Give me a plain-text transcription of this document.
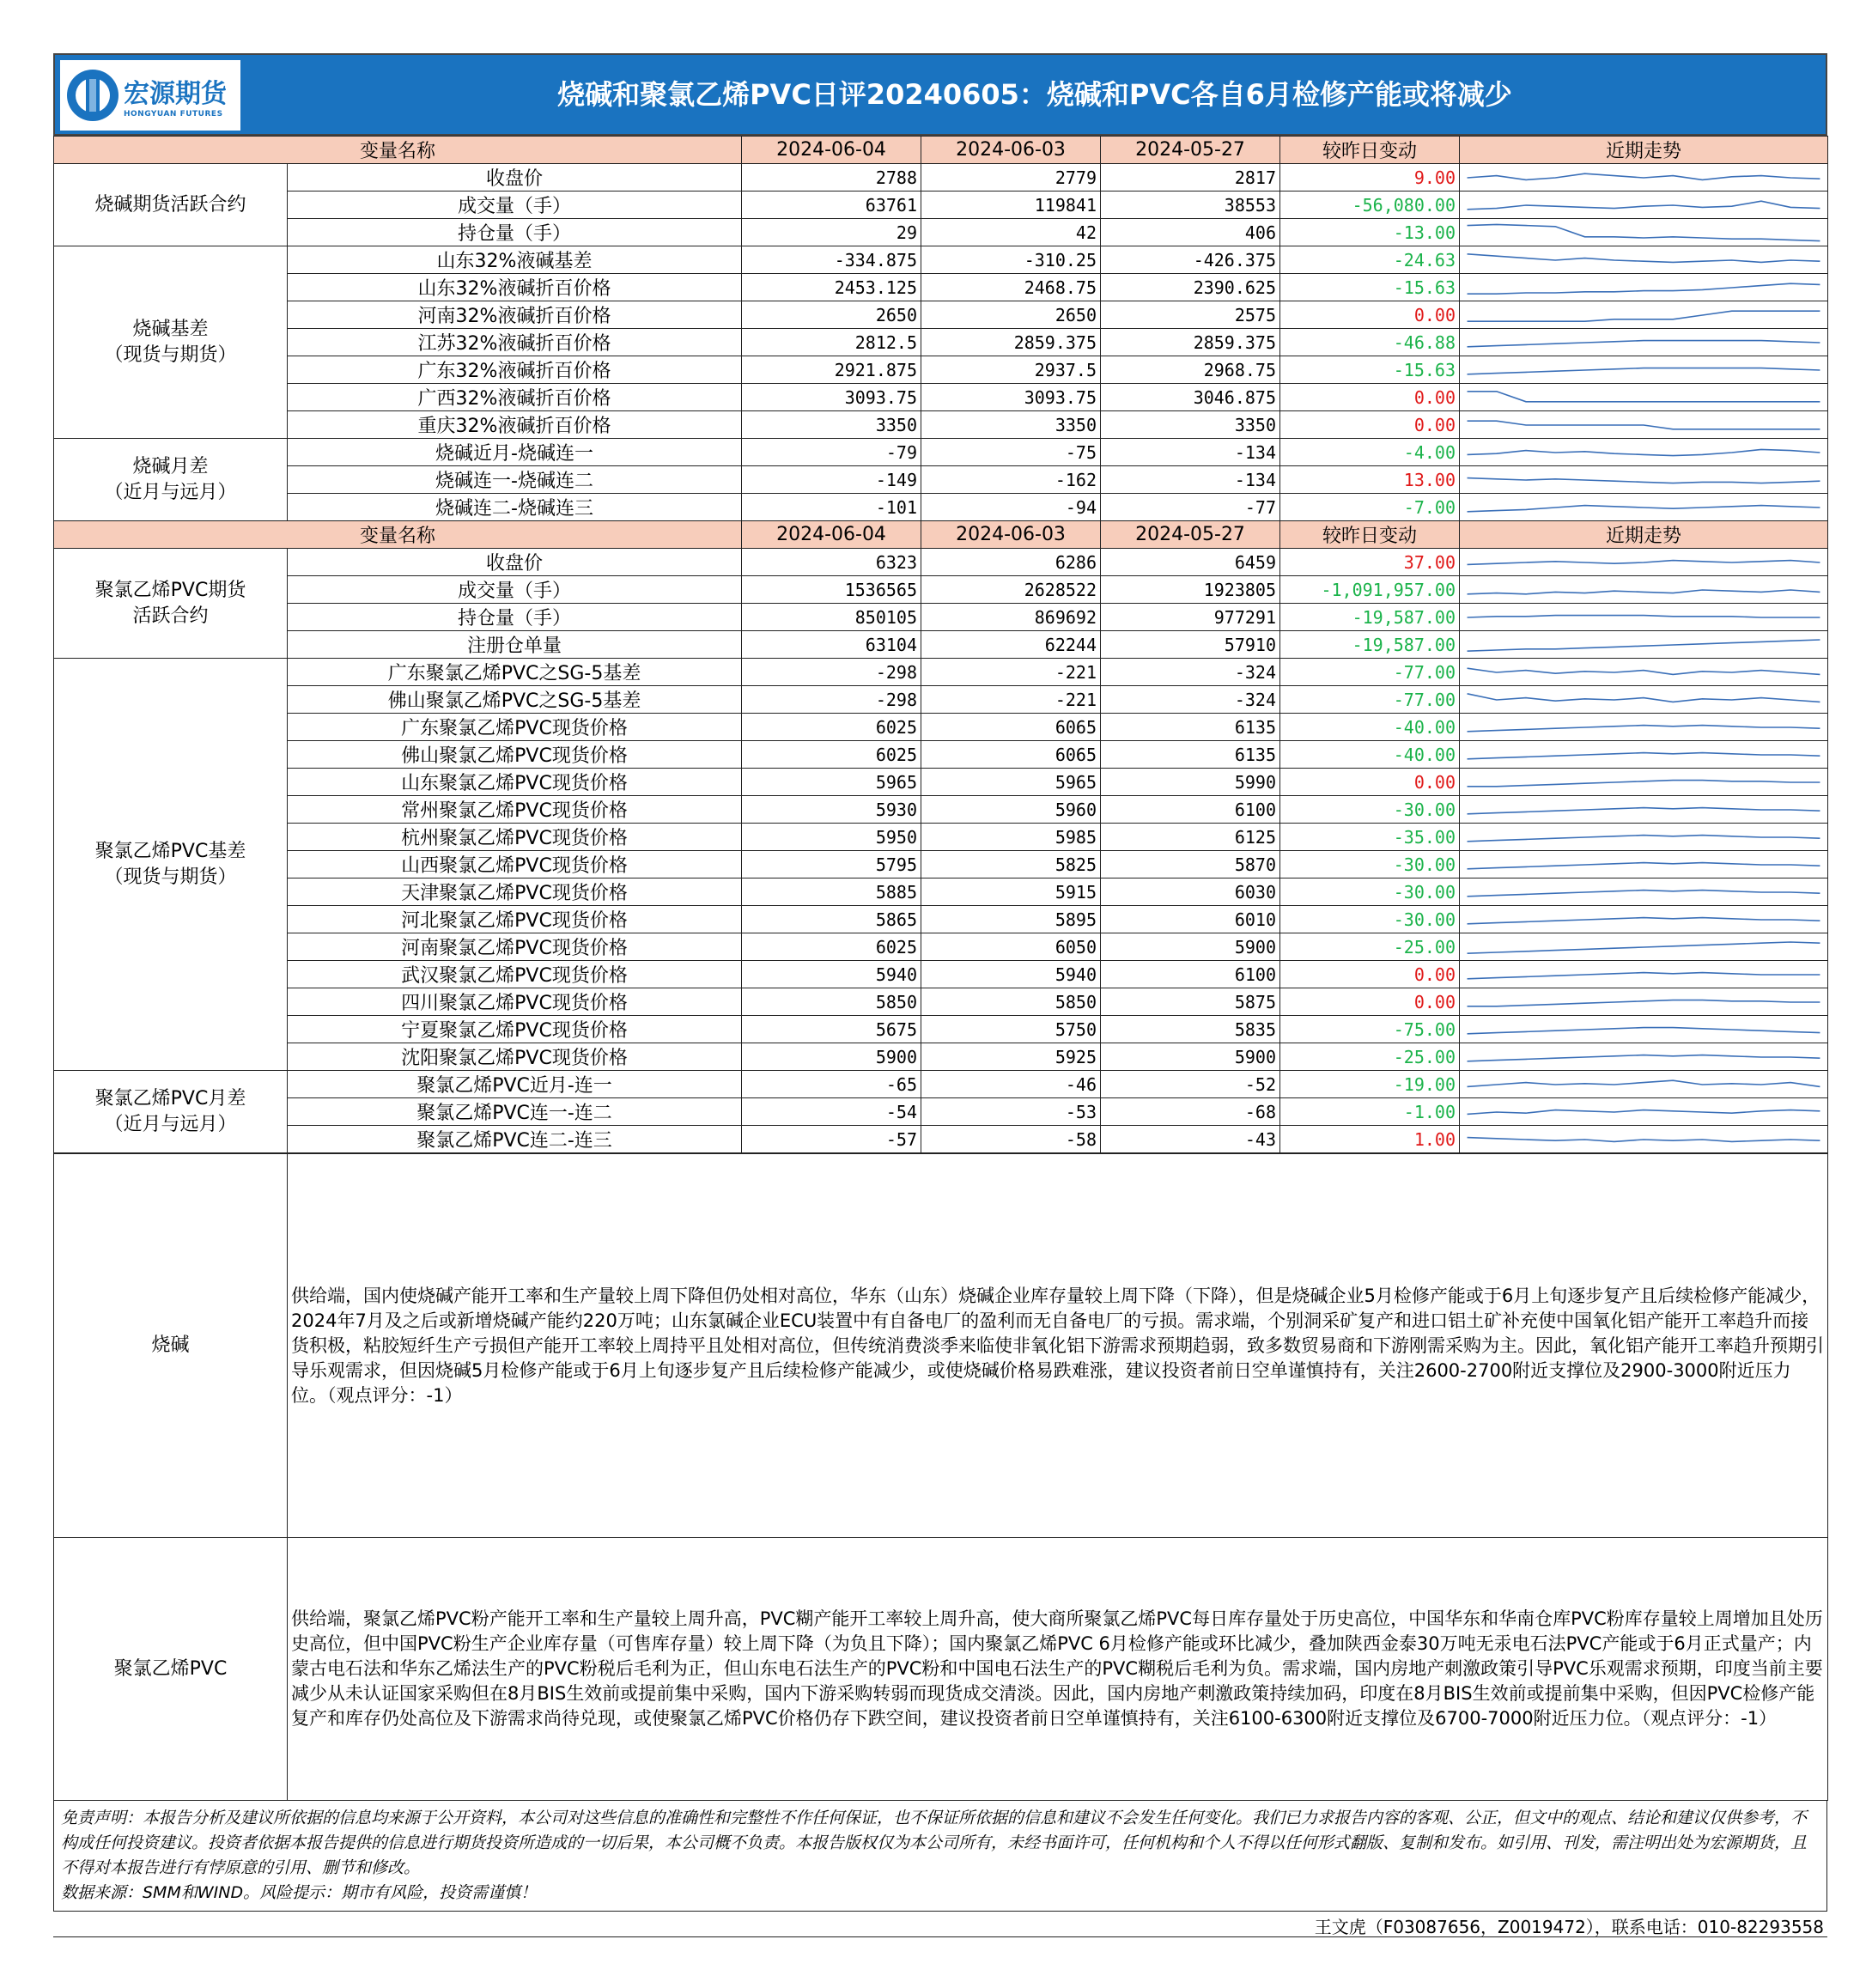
宏源期货
HONGYUAN FUTURES
烧碱和聚氯乙烯PVC日评20240605：烧碱和PVC各自6月检修产能或将减少
变量名称		2024-06-04	2024-06-03	2024-05-27	较昨日变动	近期走势
烧碱期货活跃合约	收盘价	2788	2779	2817	9.00	

	成交量（手）	63761	119841	38553	-56,080.00	

	持仓量（手）	29	42	406	-13.00	

烧碱基差
（现货与期货）	山东32%液碱基差	-334.875	-310.25	-426.375	-24.63	

	山东32%液碱折百价格	2453.125	2468.75	2390.625	-15.63	

	河南32%液碱折百价格	2650	2650	2575	0.00	

	江苏32%液碱折百价格	2812.5	2859.375	2859.375	-46.88	

	广东32%液碱折百价格	2921.875	2937.5	2968.75	-15.63	

	广西32%液碱折百价格	3093.75	3093.75	3046.875	0.00	

	重庆32%液碱折百价格	3350	3350	3350	0.00	

烧碱月差
（近月与远月）	烧碱近月-烧碱连一	-79	-75	-134	-4.00	

	烧碱连一-烧碱连二	-149	-162	-134	13.00	

	烧碱连二-烧碱连三	-101	-94	-77	-7.00	

变量名称		2024-06-04	2024-06-03	2024-05-27	较昨日变动	近期走势
聚氯乙烯PVC期货
活跃合约	收盘价	6323	6286	6459	37.00	

	成交量（手）	1536565	2628522	1923805	-1,091,957.00	

	持仓量（手）	850105	869692	977291	-19,587.00	

	注册仓单量	63104	62244	57910	-19,587.00	

聚氯乙烯PVC基差
（现货与期货）	广东聚氯乙烯PVC之SG-5基差	-298	-221	-324	-77.00	

	佛山聚氯乙烯PVC之SG-5基差	-298	-221	-324	-77.00	

	广东聚氯乙烯PVC现货价格	6025	6065	6135	-40.00	

	佛山聚氯乙烯PVC现货价格	6025	6065	6135	-40.00	

	山东聚氯乙烯PVC现货价格	5965	5965	5990	0.00	

	常州聚氯乙烯PVC现货价格	5930	5960	6100	-30.00	

	杭州聚氯乙烯PVC现货价格	5950	5985	6125	-35.00	

	山西聚氯乙烯PVC现货价格	5795	5825	5870	-30.00	

	天津聚氯乙烯PVC现货价格	5885	5915	6030	-30.00	

	河北聚氯乙烯PVC现货价格	5865	5895	6010	-30.00	

	河南聚氯乙烯PVC现货价格	6025	6050	5900	-25.00	

	武汉聚氯乙烯PVC现货价格	5940	5940	6100	0.00	

	四川聚氯乙烯PVC现货价格	5850	5850	5875	0.00	

	宁夏聚氯乙烯PVC现货价格	5675	5750	5835	-75.00	

	沈阳聚氯乙烯PVC现货价格	5900	5925	5900	-25.00	

聚氯乙烯PVC月差
（近月与远月）	聚氯乙烯PVC近月-连一	-65	-46	-52	-19.00	

	聚氯乙烯PVC连一-连二	-54	-53	-68	-1.00	

	聚氯乙烯PVC连二-连三	-57	-58	-43	1.00	
烧碱	供给端，国内使烧碱产能开工率和生产量较上周下降但仍处相对高位，华东（山东）烧碱企业库存量较上周下降（下降），但是烧碱企业5月检修产能或于6月上旬逐步复产且后续检修产能减少，2024年7月及之后或新增烧碱产能约220万吨；山东氯碱企业ECU装置中有自备电厂的盈利而无自备电厂的亏损。需求端，个别洞采矿复产和进口铝土矿补充使中国氧化铝产能开工率趋升而接货积极，粘胶短纤生产亏损但产能开工率较上周持平且处相对高位，但传统消费淡季来临使非氧化铝下游需求预期趋弱，致多数贸易商和下游刚需采购为主。因此，氧化铝产能开工率趋升预期引导乐观需求，但因烧碱5月检修产能或于6月上旬逐步复产且后续检修产能减少，或使烧碱价格易跌难涨，建议投资者前日空单谨慎持有，关注2600-2700附近支撑位及2900-3000附近压力位。（观点评分：-1）
聚氯乙烯PVC	供给端，聚氯乙烯PVC粉产能开工率和生产量较上周升高，PVC糊产能开工率较上周升高，使大商所聚氯乙烯PVC每日库存量处于历史高位，中国华东和华南仓库PVC粉库存量较上周增加且处历史高位，但中国PVC粉生产企业库存量（可售库存量）较上周下降（为负且下降）；国内聚氯乙烯PVC 6月检修产能或环比减少，叠加陕西金泰30万吨无汞电石法PVC产能或于6月正式量产；内蒙古电石法和华东乙烯法生产的PVC粉税后毛利为正，但山东电石法生产的PVC粉和中国电石法生产的PVC糊税后毛利为负。需求端，国内房地产刺激政策引导PVC乐观需求预期，印度当前主要减少从未认证国家采购但在8月BIS生效前或提前集中采购，国内下游采购转弱而现货成交清淡。因此，国内房地产刺激政策持续加码，印度在8月BIS生效前或提前集中采购，但因PVC检修产能复产和库存仍处高位及下游需求尚待兑现，或使聚氯乙烯PVC价格仍存下跌空间，建议投资者前日空单谨慎持有，关注6100-6300附近支撑位及6700-7000附近压力位。（观点评分：-1）
免责声明：本报告分析及建议所依据的信息均来源于公开资料，本公司对这些信息的准确性和完整性不作任何保证，也不保证所依据的信息和建议不会发生任何变化。我们已力求报告内容的客观、公正，但文中的观点、结论和建议仅供参考，不构成任何投资建议。投资者依据本报告提供的信息进行期货投资所造成的一切后果，本公司概不负责。本报告版权仅为本公司所有，未经书面许可，任何机构和个人不得以任何形式翻版、复制和发布。如引用、刊发，需注明出处为宏源期货，且不得对本报告进行有悖原意的引用、删节和修改。
数据来源：SMM和WIND。风险提示：期市有风险，投资需谨慎！
王文虎（F03087656，Z0019472），联系电话：010-82293558
